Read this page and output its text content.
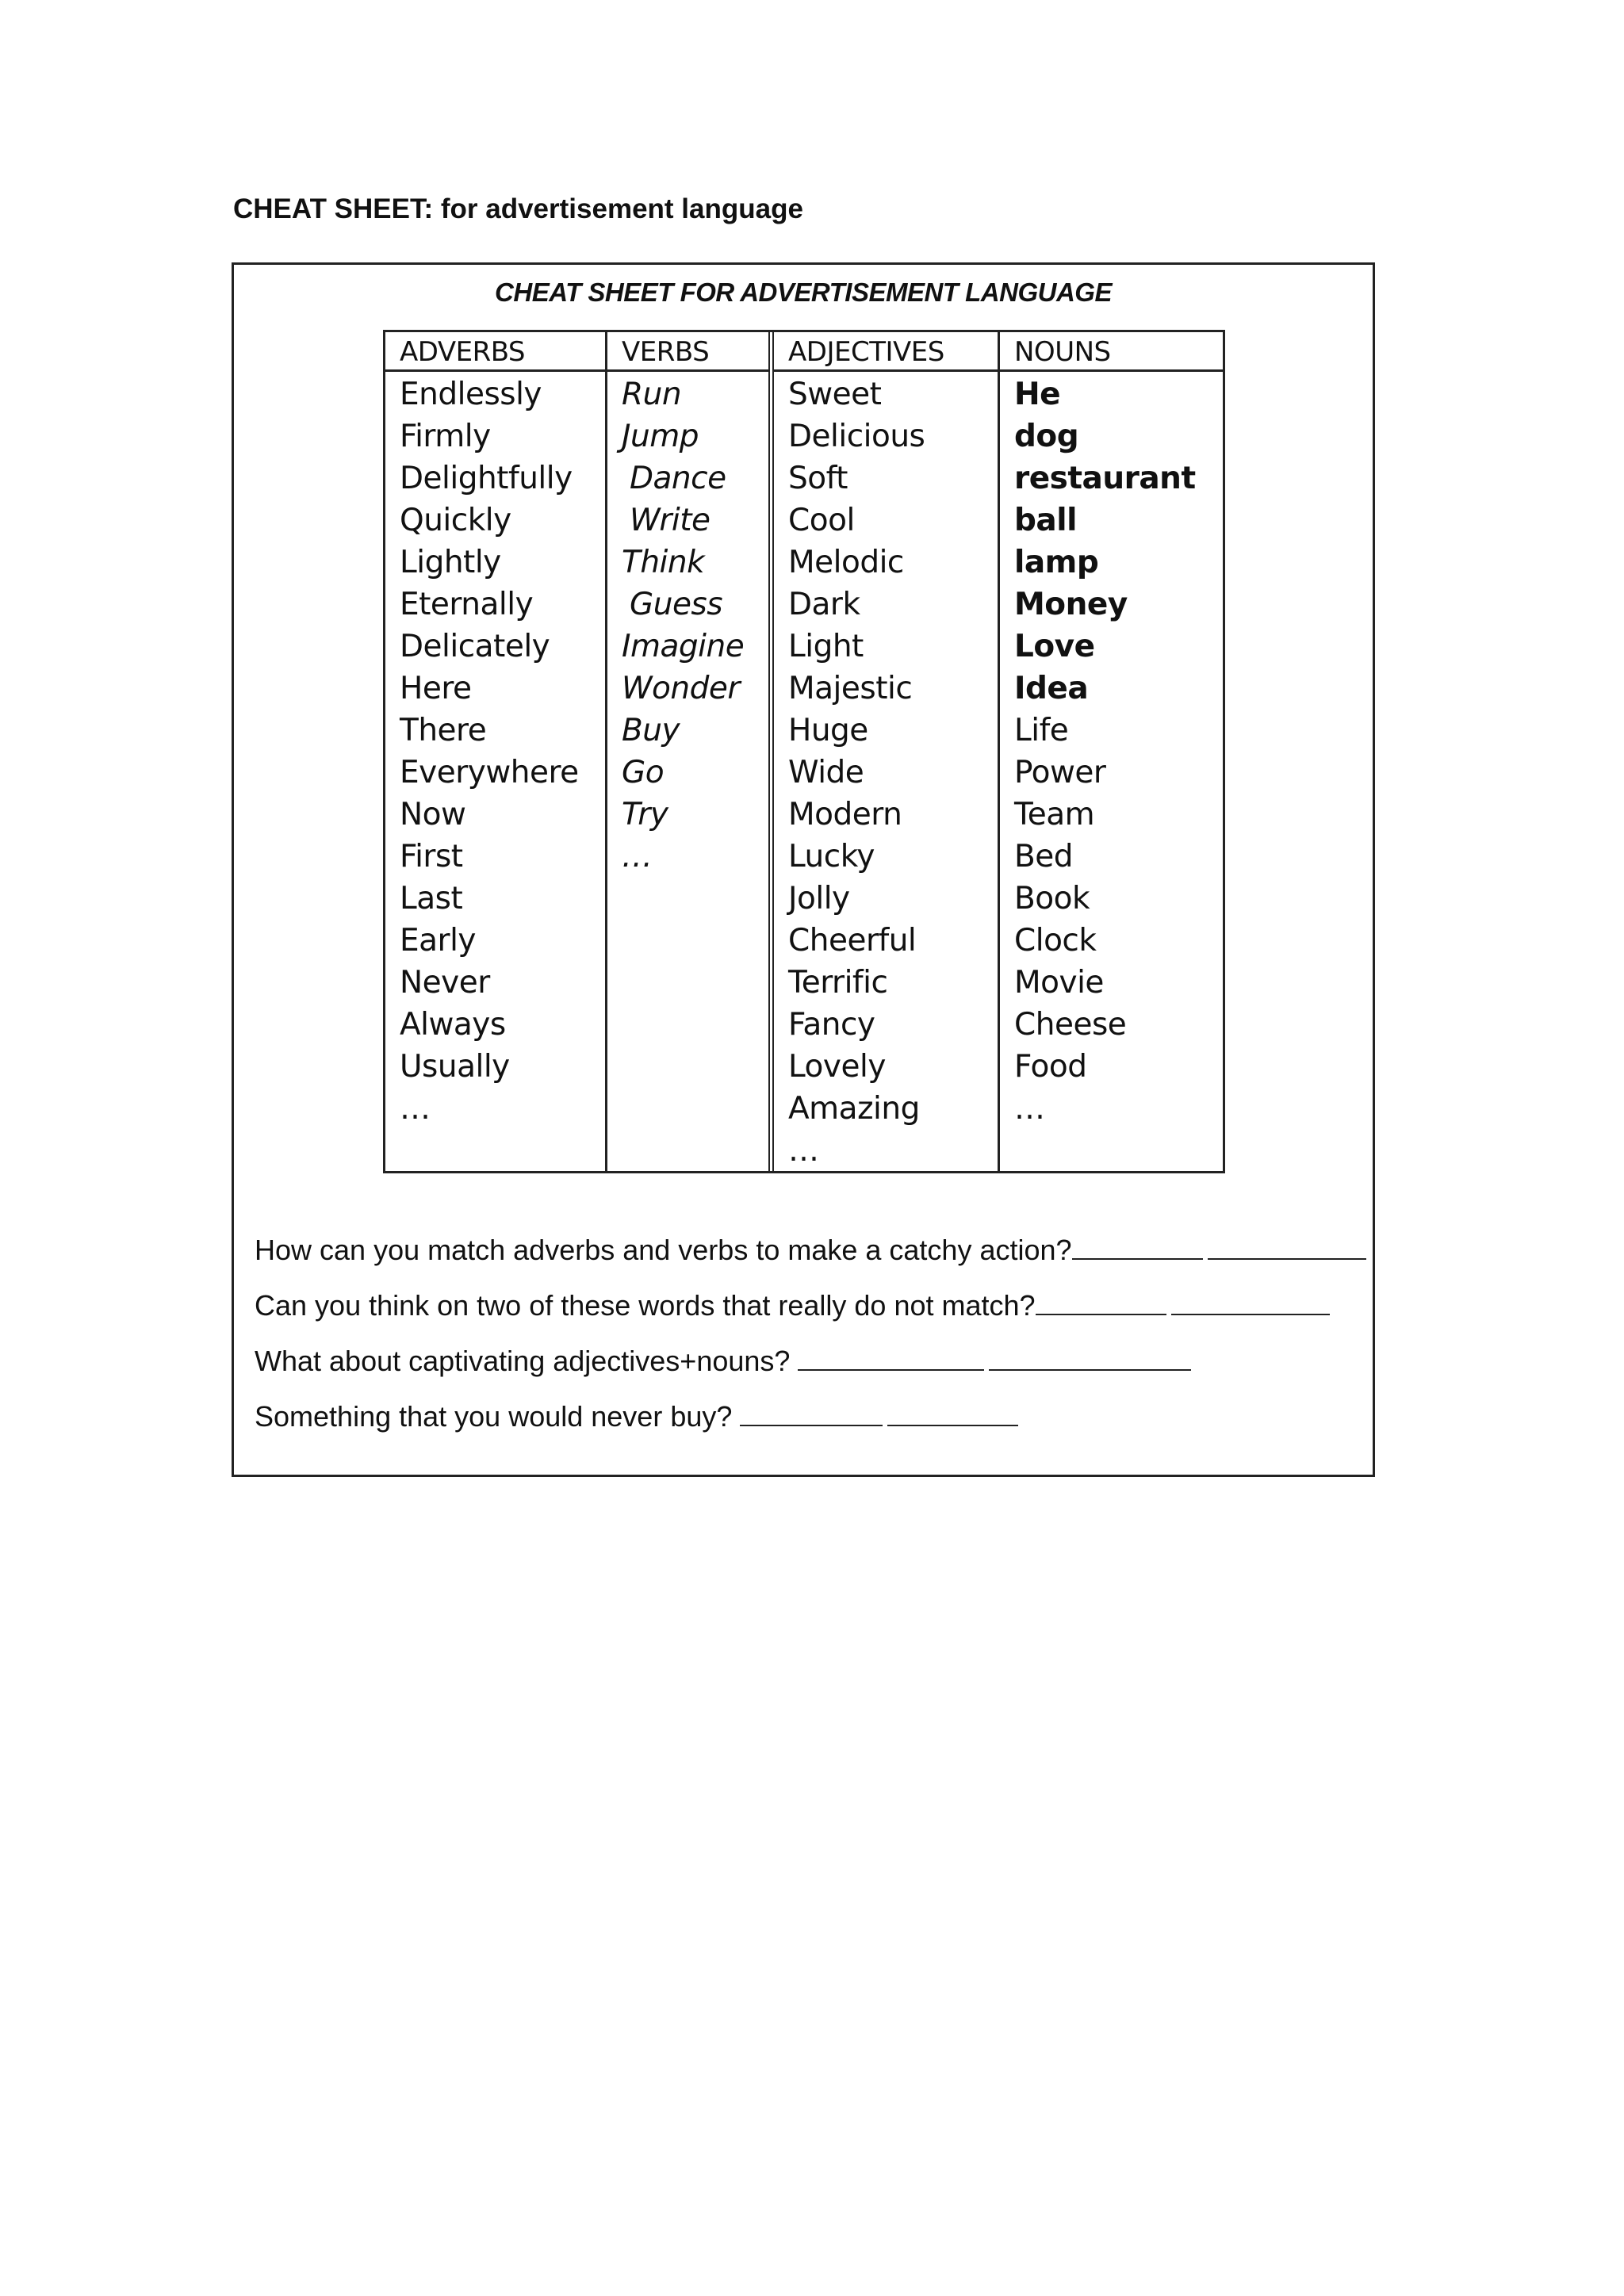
CHEAT SHEET: for advertisement language
CHEAT SHEET FOR ADVERTISEMENT LANGUAGE
ADVERBS
Endlessly
Firmly
Delightfully
Quickly
Lightly
Eternally
Delicately
Here
There
Everywhere
Now
First
Last
Early
Never
Always
Usually
…
VERBS
Run
Jump
Dance
Write
Think
Guess
Imagine
Wonder
Buy
Go
Try
…
ADJECTIVES
Sweet
Delicious
Soft
Cool
Melodic
Dark
Light
Majestic
Huge
Wide
Modern
Lucky
Jolly
Cheerful
Terrific
Fancy
Lovely
Amazing
…
NOUNS
He
dog
restaurant
ball
lamp
Money
Love
Idea
Life
Power
Team
Bed
Book
Clock
Movie
Cheese
Food
…
How can you match adverbs and verbs to make a catchy action?
Can you think on two of these words that really do not match?
What about captivating adjectives+nouns?
Something that you would never buy?
